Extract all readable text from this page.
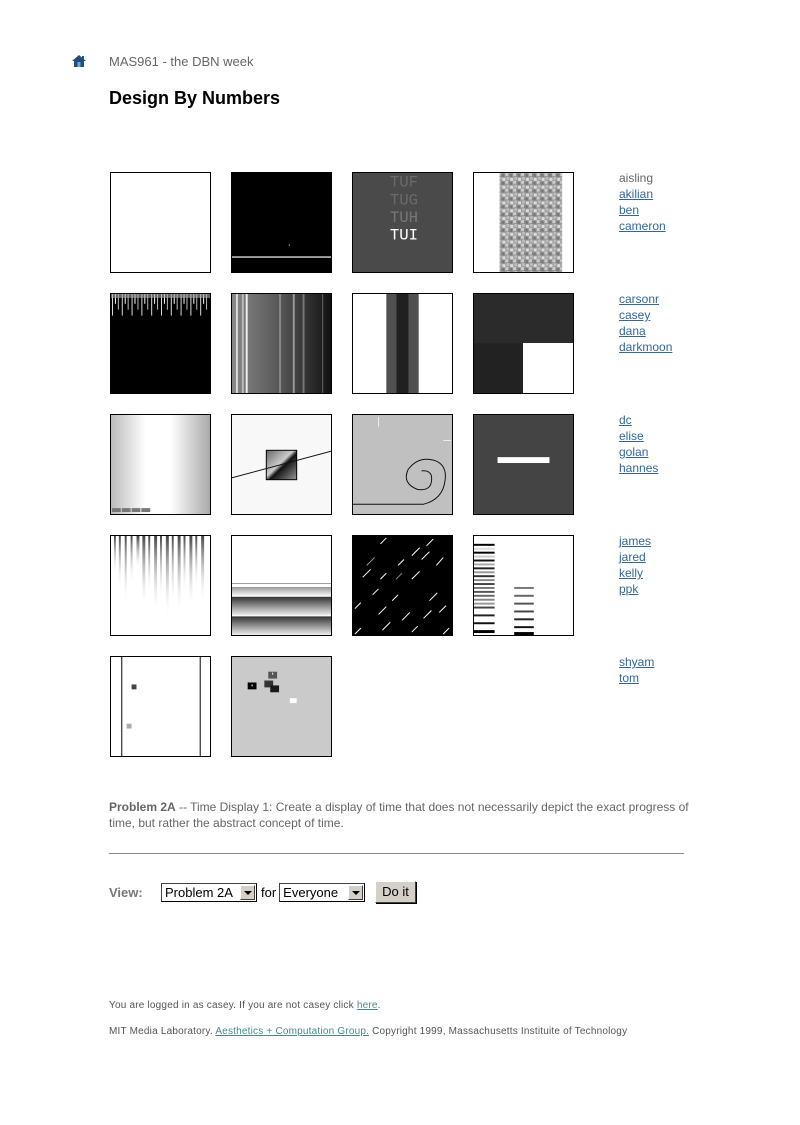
MAS961 - the DBN week
Design By Numbers
TUF
TUG
TUH
TUI
aisling
akilian
ben
cameron
carsonr
casey
dana
darkmoon
dc
elise
golan
hannes
james
jared
kelly
ppk
shyam
tom
Problem 2A -- Time Display 1: Create a display of time that does not necessarily depict the exact progress of time, but rather the abstract concept of time.
View:	Problem 2A	for Everyone	Do it
You are logged in as casey. If you are not casey click here.
MIT Media Laboratory. Aesthetics + Computation Group. Copyright 1999, Massachusetts Instituite of Technology
